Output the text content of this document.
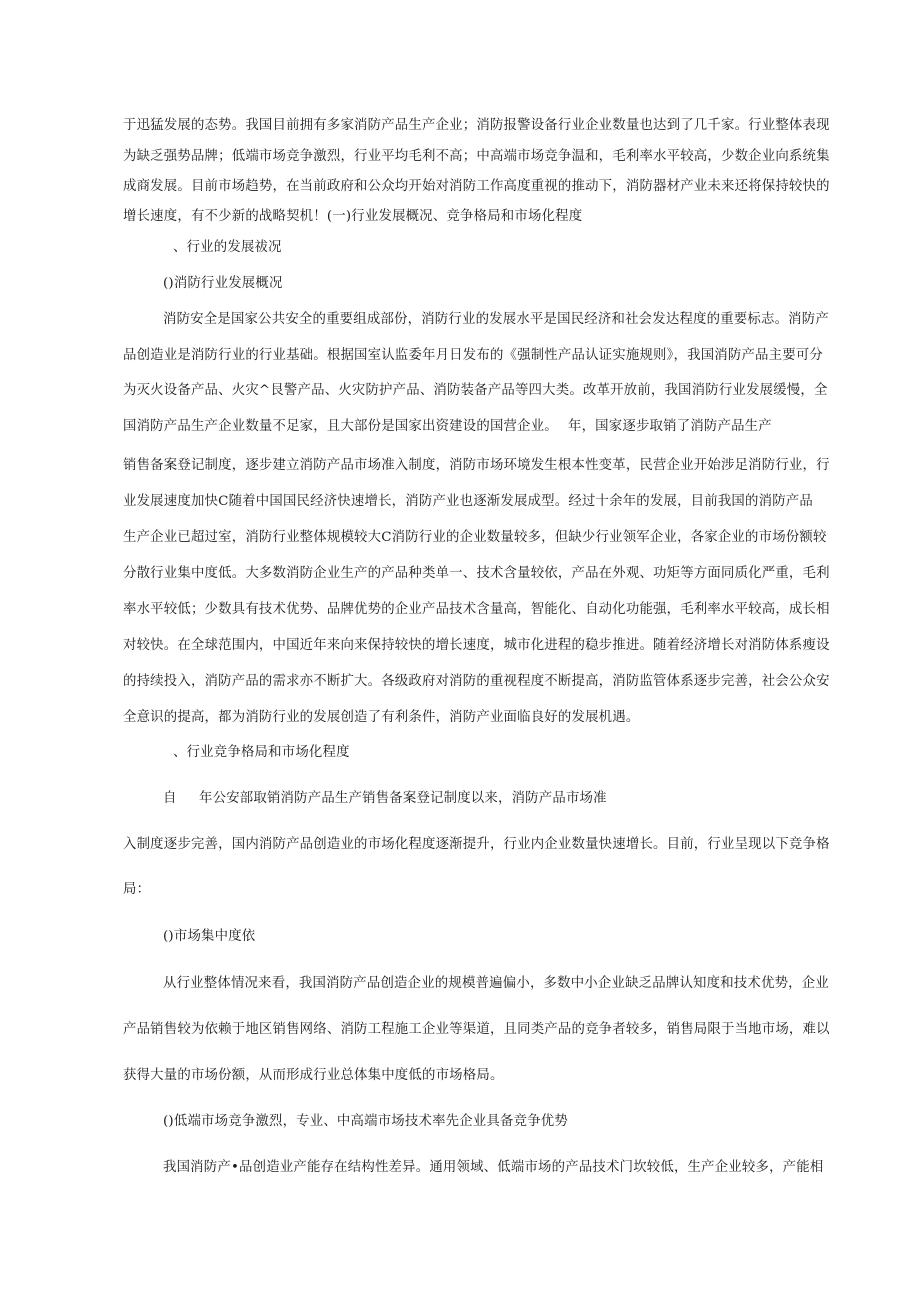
于迅猛发展的态势。我国目前拥有多家消防产品生产企业；消防报警设备行业企业数量也达到了几千家。行业整体表现
为缺乏强势品牌；低端市场竞争激烈，行业平均毛利不高；中高端市场竞争温和，毛利率水平较高，少数企业向系统集
成商发展。目前市场趋势，在当前政府和公众均开始对消防工作高度重视的推动下，消防器材产业未来还将保持较快的
增长速度，有不少新的战略契机！(一)行业发展概况、竞争格局和市场化程度
、行业的发展祓况
()消防行业发展概况
消防安全是国家公共安全的重要组成部份，消防行业的发展水平是国民经济和社会发达程度的重要标志。消防产
品创造业是消防行业的行业基础。根据国室认监委年月日发布的《强制性产品认证实施规则》，我国消防产品主要可分
为灭火设备产品、火灾^艮警产品、火灾防护产品、消防装备产品等四大类。改革开放前，我国消防行业发展缓慢，全
国消防产品生产企业数量不足家，且大部份是国家出资建设的国营企业。 年，国家逐步取销了消防产品生产
销售备案登记制度，逐步建立消防产品市场准入制度，消防市场环境发生根本性变革，民营企业开始涉足消防行业，行
业发展速度加快C随着中国国民经济快速增长，消防产业也逐渐发展成型。经过十余年的发展，目前我国的消防产品
生产企业已超过室，消防行业整体规模较大C消防行业的企业数量较多，但缺少行业领军企业，各家企业的市场份额较
分散行业集中度低。大多数消防企业生产的产品种类单一、技术含量较依，产品在外观、功矩等方面同质化严重，毛利
率水平较低；少数具有技术优势、品牌优势的企业产品技术含量高，智能化、自动化功能强，毛利率水平较高，成长相
对较快。在全球范围内，中国近年来向来保持较快的增长速度，城市化进程的稳步推进。随着经济增长对消防体系瘦设
的持续投入，消防产品的需求亦不断扩大。各级政府对消防的重视程度不断提高，消防监管体系逐步完善，社会公众安
全意识的提高，都为消防行业的发展创造了有利条件，消防产业面临良好的发展机遇。
、行业竞争格局和市场化程度
自 年公安部取销消防产品生产销售备案登记制度以来，消防产品市场准
入制度逐步完善，国内消防产品创造业的市场化程度逐渐提升，行业内企业数量快速增长。目前，行业呈现以下竞争格
局：
()市场集中度依
从行业整体情况来看，我国消防产品创造企业的规模普遍偏小，多数中小企业缺乏品牌认知度和技术优势，企业
产品销售较为依赖于地区销售网络、消防工程施工企业等渠道，且同类产品的竞争者较多，销售局限于当地市场，难以
获得大量的市场份额，从而形成行业总体集中度低的市场格局。
()低端市场竞争激烈，专业、中高端市场技术率先企业具备竞争优势
我国消防产•品创造业产能存在结构性差异。通用领域、低端市场的产品技术门坎较低，生产企业较多，产能相
